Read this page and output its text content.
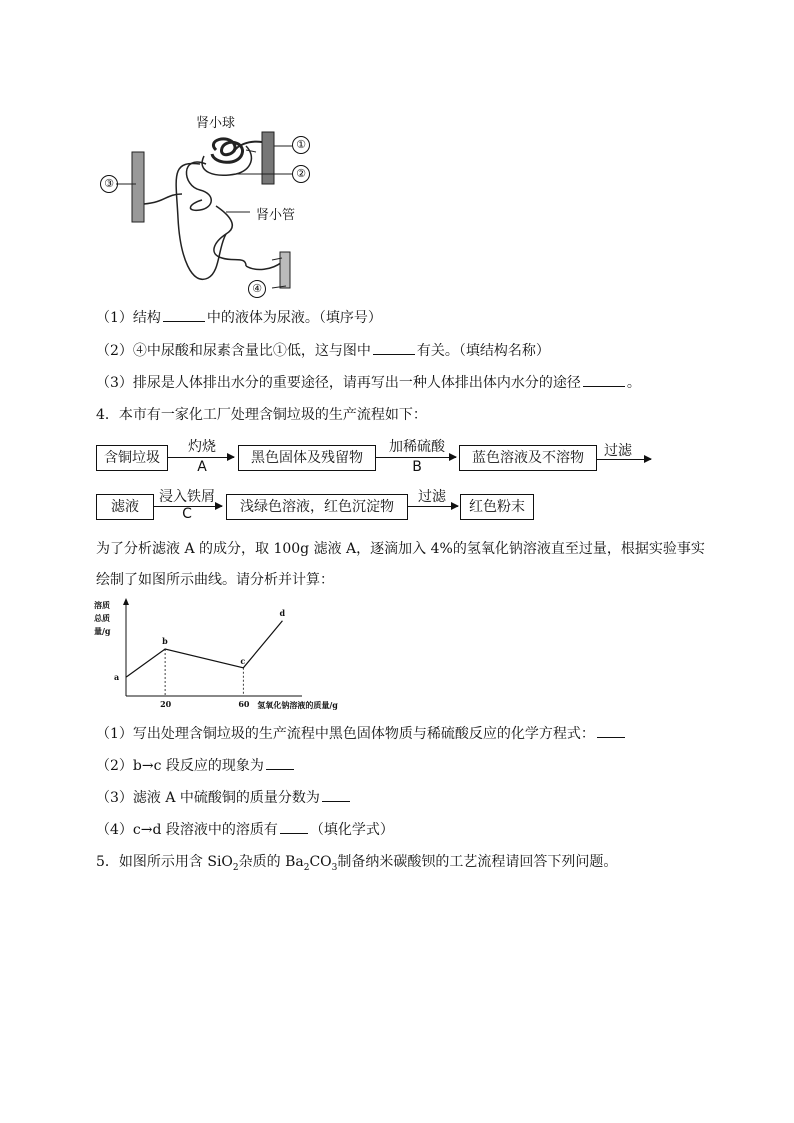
肾小球
肾小管
①
②
③
④
（1）结构	中的液体为尿液。（填序号）
（2）④中尿酸和尿素含量比①低，这与图中	有关。（填结构名称）
（3）排尿是人体排出水分的重要途径，请再写出一种人体排出体内水分的途径	。
4．本市有一家化工厂处理含铜垃圾的生产流程如下：
含铜垃圾
灼烧
A
黑色固体及残留物
加稀硫酸
B
蓝色溶液及不溶物	过滤
滤液
浸入铁屑
C	浅绿色溶液，红色沉淀物
过滤
红色粉末
为了分析滤液 A 的成分，取 100g 滤液 A，逐滴加入 4%的氢氧化钠溶液直至过量，根据实验事实
绘制了如图所示曲线。请分析并计算：
溶质
总质
量/g
a
b
c
d
20	60 氢氧化钠溶液的质量/g
（1）写出处理含铜垃圾的生产流程中黑色固体物质与稀硫酸反应的化学方程式：
（2）b→c 段反应的现象为
（3）滤液 A 中硫酸铜的质量分数为
（4）c→d 段溶液中的溶质有 （填化学式）
5．如图所示用含 SiO$_2$杂质的 $Ba_2CO_3$制备纳米碳酸钡的工艺流程请回答下列问题。
